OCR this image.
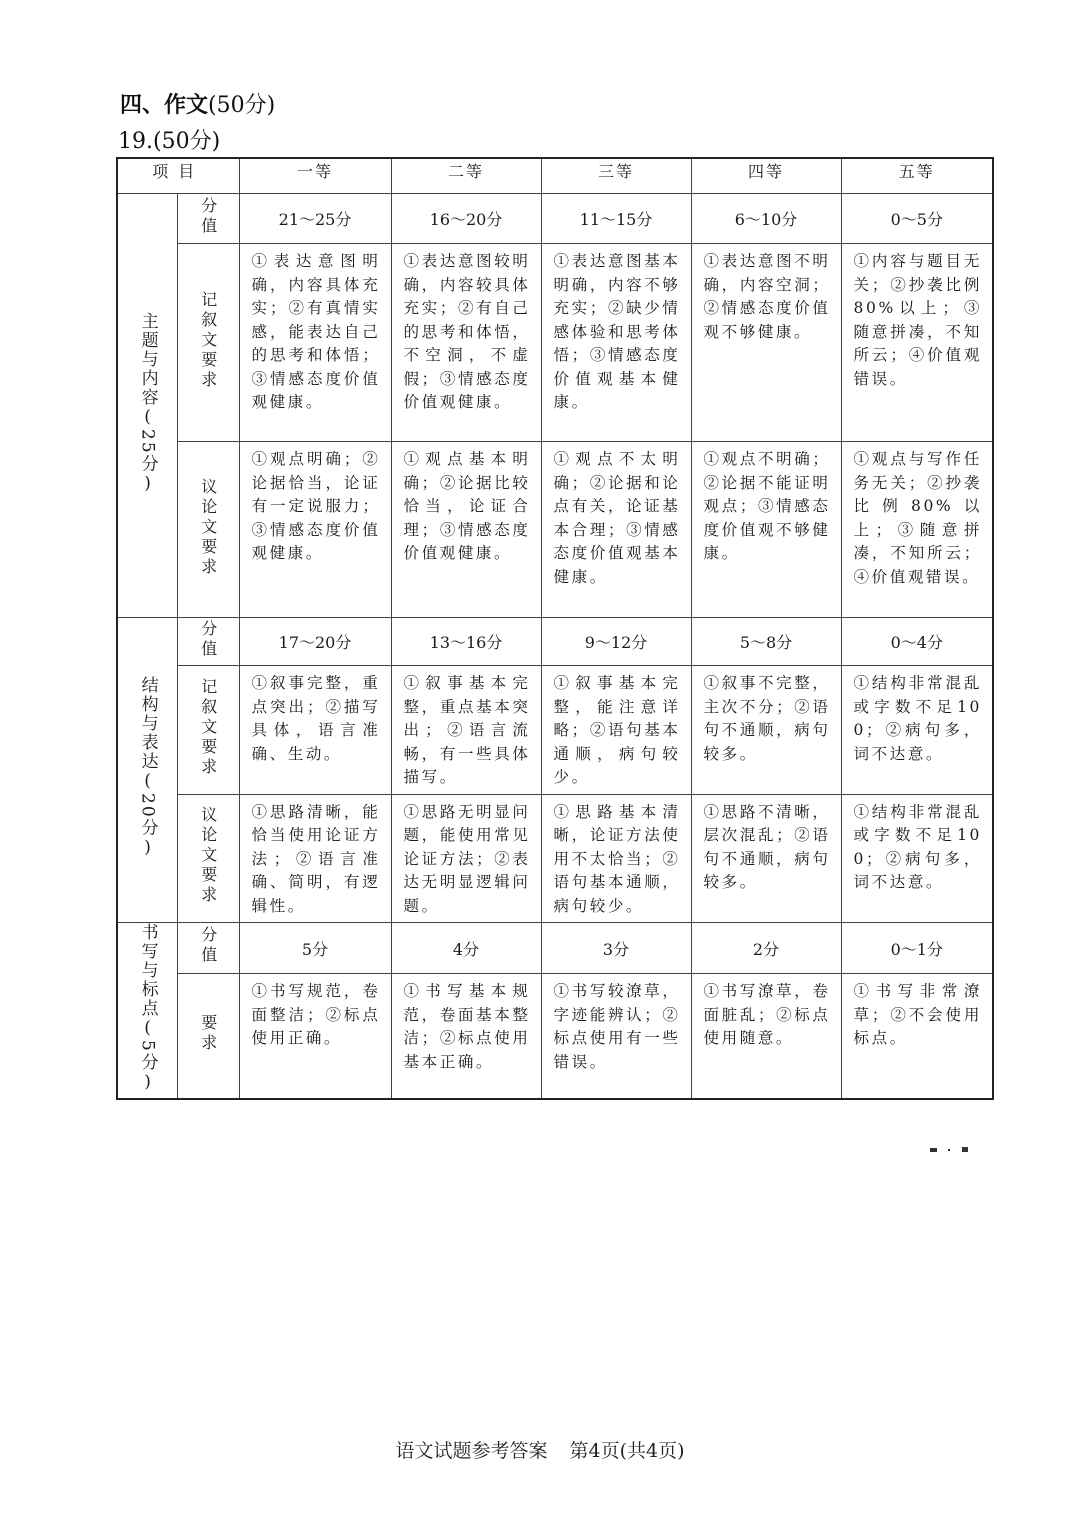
四、作文(50分)
19.(50分)
项目		一等	二等	三等	四等	五等
主题与内容(25分)	分值	21～25分	16～20分	11～15分	6～10分	0～5分
	记叙文要求	①表达意图明确，内容具体充实；②有真情实感，能表达自己的思考和体悟；③情感态度价值观健康。	①表达意图较明确，内容较具体充实；②有自己的思考和体悟，不空洞，不虚假；③情感态度价值观健康。	①表达意图基本明确，内容不够充实；②缺少情感体验和思考体悟；③情感态度价值观基本健康。	①表达意图不明确，内容空洞；②情感态度价值观不够健康。	①内容与题目无关；②抄袭比例80%以上；③随意拼凑，不知所云；④价值观错误。
	议论文要求	①观点明确；②论据恰当，论证有一定说服力；③情感态度价值观健康。	①观点基本明确；②论据比较恰当，论证合理；③情感态度价值观健康。	①观点不太明确；②论据和论点有关，论证基本合理；③情感态度价值观基本健康。	①观点不明确；②论据不能证明观点；③情感态度价值观不够健康。	①观点与写作任务无关；②抄袭比例80%以上；③随意拼凑，不知所云；④价值观错误。
结构与表达(20分)	分值	17～20分	13～16分	9～12分	5～8分	0～4分
	记叙文要求	①叙事完整，重点突出；②描写具体，语言准确、生动。	①叙事基本完整，重点基本突出；②语言流畅，有一些具体描写。	①叙事基本完整，能注意详略；②语句基本通顺，病句较少。	①叙事不完整，主次不分；②语句不通顺，病句较多。	①结构非常混乱或字数不足100；②病句多，词不达意。
	议论文要求	①思路清晰，能恰当使用论证方法；②语言准确、简明，有逻辑性。	①思路无明显问题，能使用常见论证方法；②表达无明显逻辑问题。	①思路基本清晰，论证方法使用不太恰当；②语句基本通顺，病句较少。	①思路不清晰，层次混乱；②语句不通顺，病句较多。	①结构非常混乱或字数不足100；②病句多，词不达意。
书写与标点(5分)	分值	5分	4分	3分	2分	0～1分
	要求	①书写规范，卷面整洁；②标点使用正确。	①书写基本规范，卷面基本整洁；②标点使用基本正确。	①书写较潦草，字迹能辨认；②标点使用有一些错误。	①书写潦草，卷面脏乱；②标点使用随意。	①书写非常潦草；②不会使用标点。
语文试题参考答案 第4页(共4页)
